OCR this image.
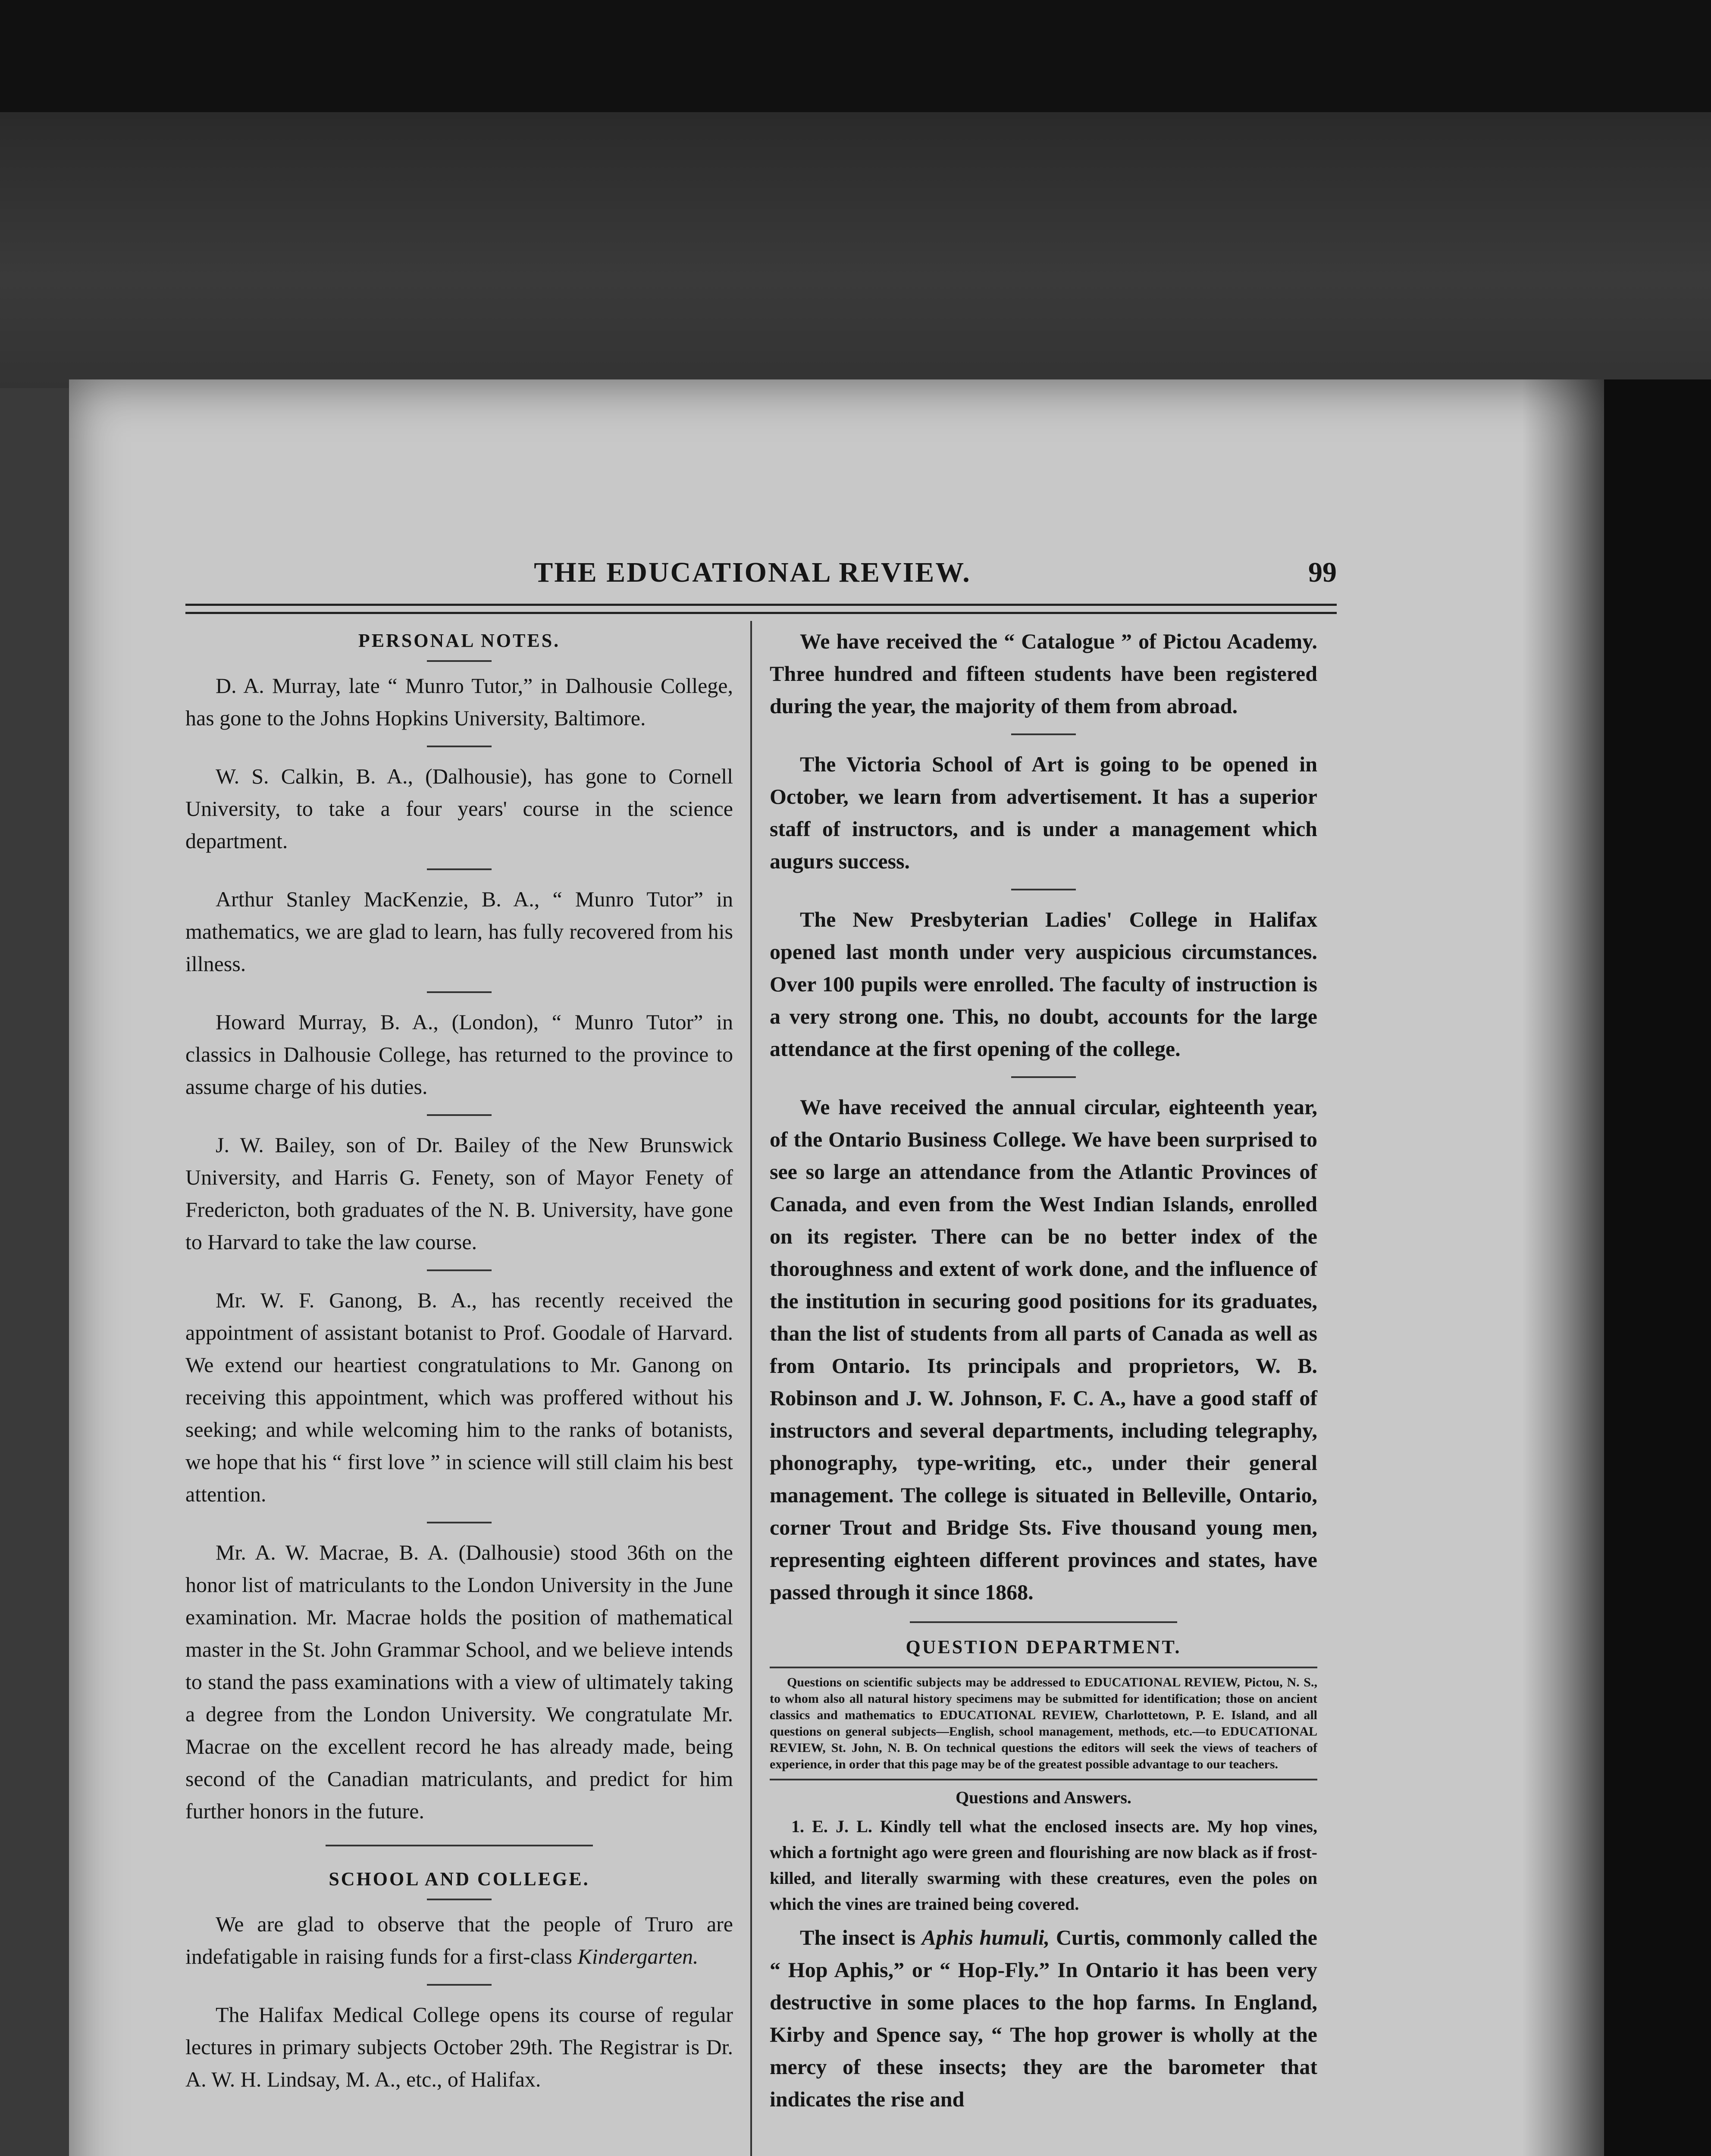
THE EDUCATIONAL REVIEW.	99
PERSONAL NOTES.

D. A. Murray, late “ Munro Tutor,” in Dalhousie College, has gone to the Johns Hopkins University, Baltimore.

W. S. Calkin, B. A., (Dalhousie), has gone to Cornell University, to take a four years' course in the science department.

Arthur Stanley MacKenzie, B. A., “ Munro Tutor” in mathematics, we are glad to learn, has fully recovered from his illness.

Howard Murray, B. A., (London), “ Munro Tutor” in classics in Dalhousie College, has returned to the province to assume charge of his duties.

J. W. Bailey, son of Dr. Bailey of the New Brunswick University, and Harris G. Fenety, son of Mayor Fenety of Fredericton, both graduates of the N. B. University, have gone to Harvard to take the law course.

Mr. W. F. Ganong, B. A., has recently received the appointment of assistant botanist to Prof. Goodale of Harvard. We extend our heartiest congratulations to Mr. Ganong on receiving this appointment, which was proffered without his seeking; and while welcoming him to the ranks of botanists, we hope that his “ first love ” in science will still claim his best attention.

Mr. A. W. Macrae, B. A. (Dalhousie) stood 36th on the honor list of matriculants to the London University in the June examination. Mr. Macrae holds the position of mathematical master in the St. John Grammar School, and we believe intends to stand the pass examinations with a view of ultimately taking a degree from the London University. We congratulate Mr. Macrae on the excellent record he has already made, being second of the Canadian matriculants, and predict for him further honors in the future.

SCHOOL AND COLLEGE.

We are glad to observe that the people of Truro are indefatigable in raising funds for a first-class Kindergarten.

The Halifax Medical College opens its course of regular lectures in primary subjects October 29th. The Registrar is Dr. A. W. H. Lindsay, M. A., etc., of Halifax.

We have received the “ Catalogue ” of Pictou Academy. Three hundred and fifteen students have been registered during the year, the majority of them from abroad.

The Victoria School of Art is going to be opened in October, we learn from advertisement. It has a superior staff of instructors, and is under a management which augurs success.

The New Presbyterian Ladies' College in Halifax opened last month under very auspicious circumstances. Over 100 pupils were enrolled. The faculty of instruction is a very strong one. This, no doubt, accounts for the large attendance at the first opening of the college.

We have received the annual circular, eighteenth year, of the Ontario Business College. We have been surprised to see so large an attendance from the Atlantic Provinces of Canada, and even from the West Indian Islands, enrolled on its register. There can be no better index of the thoroughness and extent of work done, and the influence of the institution in securing good positions for its graduates, than the list of students from all parts of Canada as well as from Ontario. Its principals and proprietors, W. B. Robinson and J. W. Johnson, F. C. A., have a good staff of instructors and several departments, including telegraphy, phonography, type-writing, etc., under their general management. The college is situated in Belleville, Ontario, corner Trout and Bridge Sts. Five thousand young men, representing eighteen different provinces and states, have passed through it since 1868.

QUESTION DEPARTMENT.
Questions on scientific subjects may be addressed to EDUCATIONAL REVIEW, Pictou, N. S., to whom also all natural history specimens may be submitted for identification; those on ancient classics and mathematics to EDUCATIONAL REVIEW, Charlottetown, P. E. Island, and all questions on general subjects—English, school management, methods, etc.—to EDUCATIONAL REVIEW, St. John, N. B. On technical questions the editors will seek the views of teachers of experience, in order that this page may be of the greatest possible advantage to our teachers.
Questions and Answers.

1. E. J. L. Kindly tell what the enclosed insects are. My hop vines, which a fortnight ago were green and flourishing are now black as if frost-killed, and literally swarming with these creatures, even the poles on which the vines are trained being covered.

The insect is Aphis humuli, Curtis, commonly called the “ Hop Aphis,” or “ Hop-Fly.” In Ontario it has been very destructive in some places to the hop farms. In England, Kirby and Spence say, “ The hop grower is wholly at the mercy of these insects; they are the barometer that indicates the rise and
